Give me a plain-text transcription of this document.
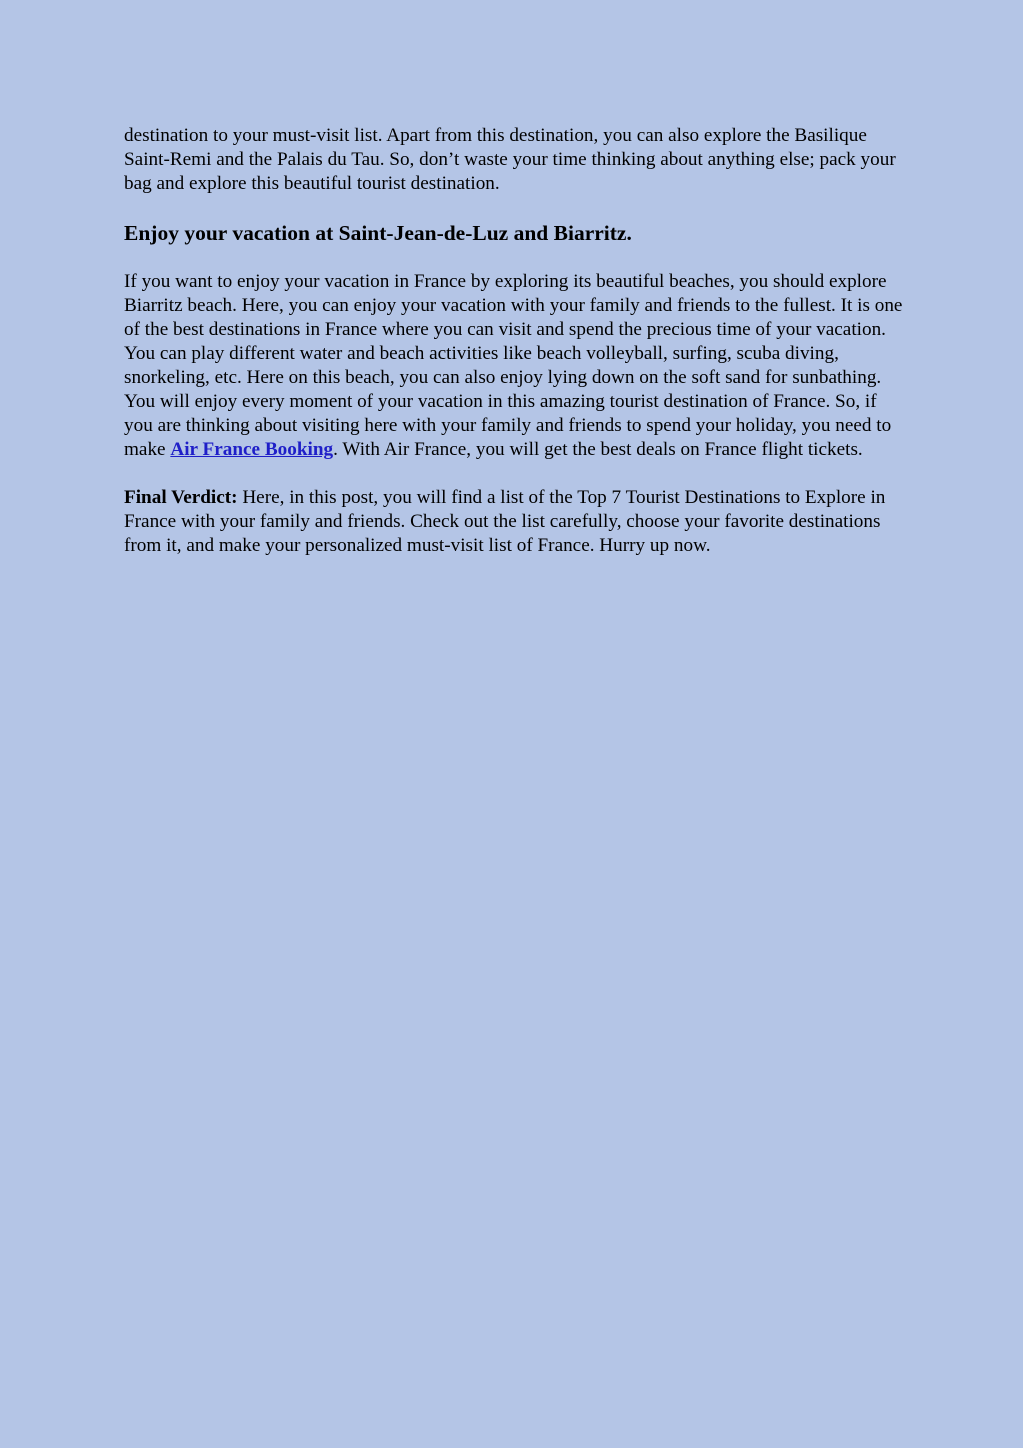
destination to your must-visit list. Apart from this destination, you can also explore the Basilique Saint-Remi and the Palais du Tau. So, don’t waste your time thinking about anything else; pack your bag and explore this beautiful tourist destination.

Enjoy your vacation at Saint-Jean-de-Luz and Biarritz.

If you want to enjoy your vacation in France by exploring its beautiful beaches, you should explore Biarritz beach. Here, you can enjoy your vacation with your family and friends to the fullest. It is one of the best destinations in France where you can visit and spend the precious time of your vacation. You can play different water and beach activities like beach volleyball, surfing, scuba diving, snorkeling, etc. Here on this beach, you can also enjoy lying down on the soft sand for sunbathing. You will enjoy every moment of your vacation in this amazing tourist destination of France. So, if you are thinking about visiting here with your family and friends to spend your holiday, you need to make Air France Booking. With Air France, you will get the best deals on France flight tickets.

Final Verdict: Here, in this post, you will find a list of the Top 7 Tourist Destinations to Explore in France with your family and friends. Check out the list carefully, choose your favorite destinations from it, and make your personalized must-visit list of France. Hurry up now.
